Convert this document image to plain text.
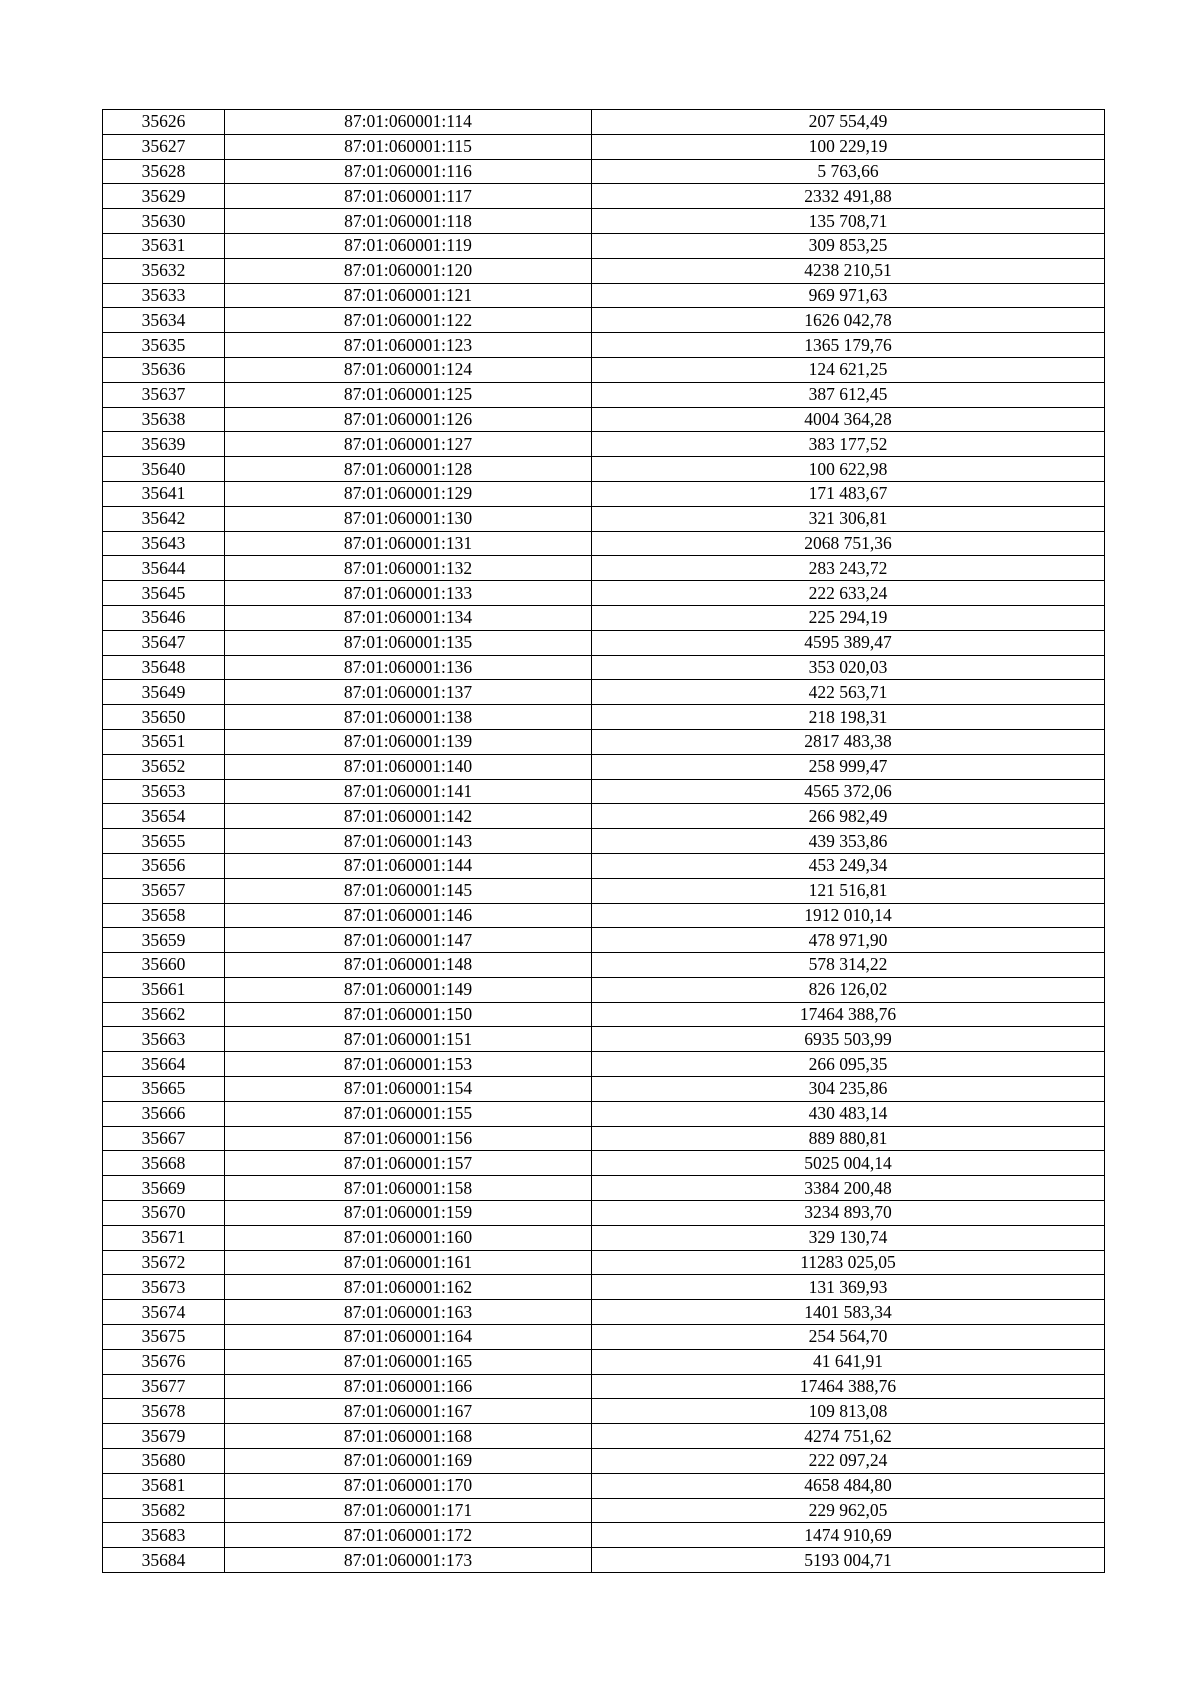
35626	87:01:060001:114	207 554,49
35627	87:01:060001:115	100 229,19
35628	87:01:060001:116	5 763,66
35629	87:01:060001:117	2332 491,88
35630	87:01:060001:118	135 708,71
35631	87:01:060001:119	309 853,25
35632	87:01:060001:120	4238 210,51
35633	87:01:060001:121	969 971,63
35634	87:01:060001:122	1626 042,78
35635	87:01:060001:123	1365 179,76
35636	87:01:060001:124	124 621,25
35637	87:01:060001:125	387 612,45
35638	87:01:060001:126	4004 364,28
35639	87:01:060001:127	383 177,52
35640	87:01:060001:128	100 622,98
35641	87:01:060001:129	171 483,67
35642	87:01:060001:130	321 306,81
35643	87:01:060001:131	2068 751,36
35644	87:01:060001:132	283 243,72
35645	87:01:060001:133	222 633,24
35646	87:01:060001:134	225 294,19
35647	87:01:060001:135	4595 389,47
35648	87:01:060001:136	353 020,03
35649	87:01:060001:137	422 563,71
35650	87:01:060001:138	218 198,31
35651	87:01:060001:139	2817 483,38
35652	87:01:060001:140	258 999,47
35653	87:01:060001:141	4565 372,06
35654	87:01:060001:142	266 982,49
35655	87:01:060001:143	439 353,86
35656	87:01:060001:144	453 249,34
35657	87:01:060001:145	121 516,81
35658	87:01:060001:146	1912 010,14
35659	87:01:060001:147	478 971,90
35660	87:01:060001:148	578 314,22
35661	87:01:060001:149	826 126,02
35662	87:01:060001:150	17464 388,76
35663	87:01:060001:151	6935 503,99
35664	87:01:060001:153	266 095,35
35665	87:01:060001:154	304 235,86
35666	87:01:060001:155	430 483,14
35667	87:01:060001:156	889 880,81
35668	87:01:060001:157	5025 004,14
35669	87:01:060001:158	3384 200,48
35670	87:01:060001:159	3234 893,70
35671	87:01:060001:160	329 130,74
35672	87:01:060001:161	11283 025,05
35673	87:01:060001:162	131 369,93
35674	87:01:060001:163	1401 583,34
35675	87:01:060001:164	254 564,70
35676	87:01:060001:165	41 641,91
35677	87:01:060001:166	17464 388,76
35678	87:01:060001:167	109 813,08
35679	87:01:060001:168	4274 751,62
35680	87:01:060001:169	222 097,24
35681	87:01:060001:170	4658 484,80
35682	87:01:060001:171	229 962,05
35683	87:01:060001:172	1474 910,69
35684	87:01:060001:173	5193 004,71
